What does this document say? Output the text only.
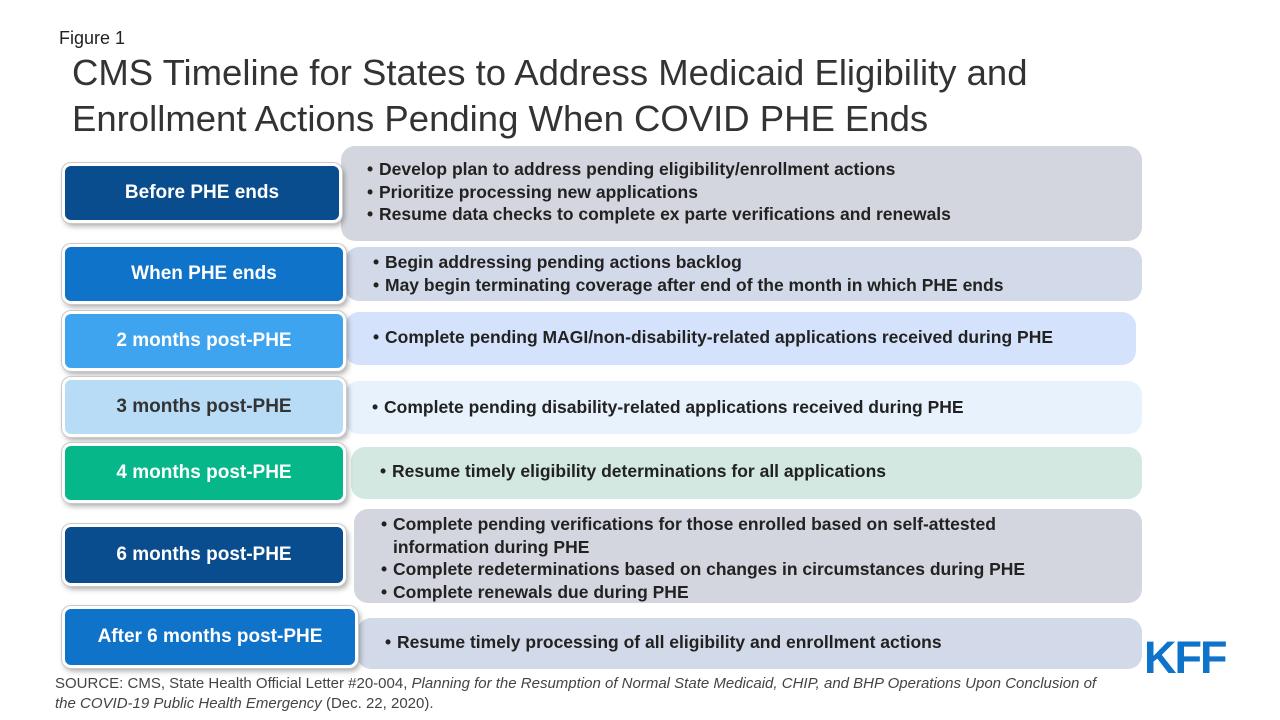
Figure 1
CMS Timeline for States to Address Medicaid Eligibility and Enrollment Actions Pending When COVID PHE Ends
• Develop plan to address pending eligibility/enrollment actions
• Prioritize processing new applications
• Resume data checks to complete ex parte verifications and renewals
Before PHE ends
• Begin addressing pending actions backlog
• May begin terminating coverage after end of the month in which PHE ends
When PHE ends
• Complete pending MAGI/non-disability-related applications received during PHE
2 months post-PHE
• Complete pending disability-related applications received during PHE
3 months post-PHE
• Resume timely eligibility determinations for all applications
4 months post-PHE
• Complete pending verifications for those enrolled based on self-attested information during PHE
• Complete redeterminations based on changes in circumstances during PHE
• Complete renewals due during PHE
6 months post-PHE
• Resume timely processing of all eligibility and enrollment actions
After 6 months post-PHE
SOURCE: CMS, State Health Official Letter #20-004, Planning for the Resumption of Normal State Medicaid, CHIP, and BHP Operations Upon Conclusion of the COVID-19 Public Health Emergency (Dec. 22, 2020).
KFF
